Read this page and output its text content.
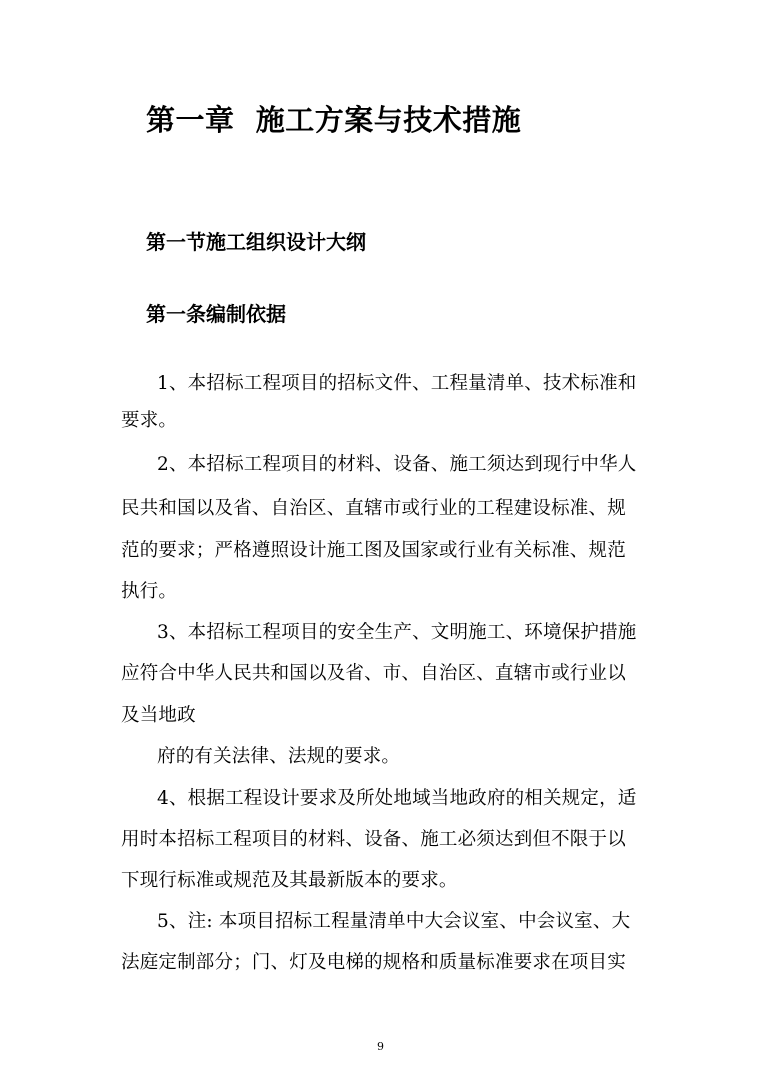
第一章  施工方案与技术措施
第一节施工组织设计大纲
第一条编制依据
1、本招标工程项目的招标文件、工程量清单、技术标准和
要求。
2、本招标工程项目的材料、设备、施工须达到现行中华人
民共和国以及省、自治区、直辖市或行业的工程建设标准、规
范的要求；严格遵照设计施工图及国家或行业有关标准、规范
执行。
3、本招标工程项目的安全生产、文明施工、环境保护措施
应符合中华人民共和国以及省、市、自治区、直辖市或行业以
及当地政
府的有关法律、法规的要求。
4、根据工程设计要求及所处地域当地政府的相关规定，适
用时本招标工程项目的材料、设备、施工必须达到但不限于以
下现行标准或规范及其最新版本的要求。
5、注: 本项目招标工程量清单中大会议室、中会议室、大
法庭定制部分；门、灯及电梯的规格和质量标准要求在项目实
9
